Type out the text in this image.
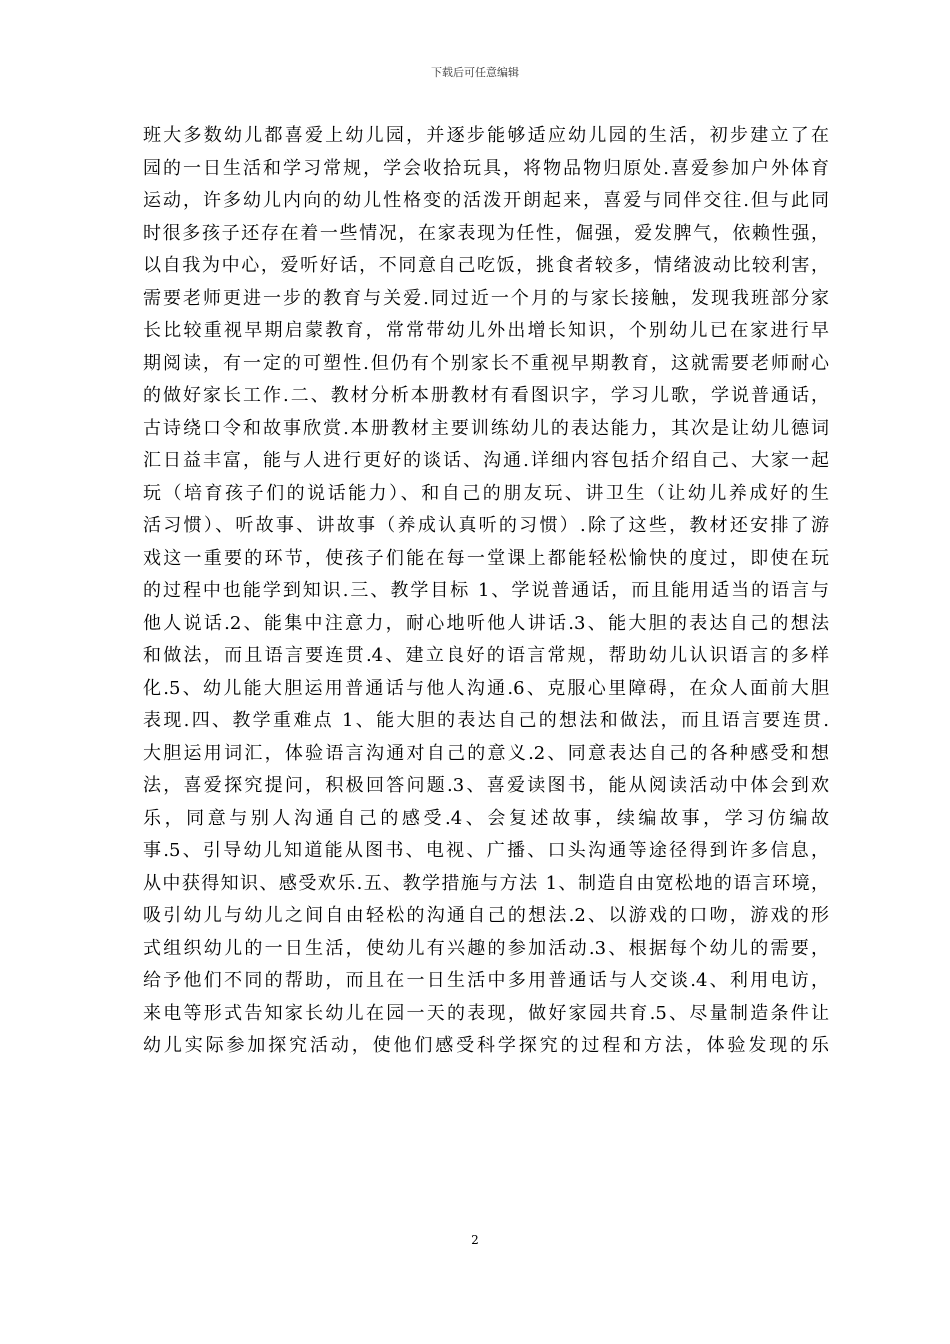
下载后可任意编辑
班大多数幼儿都喜爱上幼儿园，并逐步能够适应幼儿园的生活，初步建立了在
园的一日生活和学习常规，学会收拾玩具，将物品物归原处.喜爱参加户外体育
运动，许多幼儿内向的幼儿性格变的活泼开朗起来，喜爱与同伴交往.但与此同
时很多孩子还存在着一些情况，在家表现为任性，倔强，爱发脾气，依赖性强，
以自我为中心，爱听好话，不同意自己吃饭，挑食者较多，情绪波动比较利害，
需要老师更进一步的教育与关爱.同过近一个月的与家长接触，发现我班部分家
长比较重视早期启蒙教育，常常带幼儿外出增长知识，个别幼儿已在家进行早
期阅读，有一定的可塑性.但仍有个别家长不重视早期教育，这就需要老师耐心
的做好家长工作.二、教材分析本册教材有看图识字，学习儿歌，学说普通话，
古诗绕口令和故事欣赏.本册教材主要训练幼儿的表达能力，其次是让幼儿德词
汇日益丰富，能与人进行更好的谈话、沟通.详细内容包括介绍自己、大家一起
玩（培育孩子们的说话能力）、和自己的朋友玩、讲卫生（让幼儿养成好的生
活习惯）、听故事、讲故事（养成认真听的习惯）.除了这些，教材还安排了游
戏这一重要的环节，使孩子们能在每一堂课上都能轻松愉快的度过，即使在玩
的过程中也能学到知识.三、教学目标 1、学说普通话，而且能用适当的语言与
他人说话.2、能集中注意力，耐心地听他人讲话.3、能大胆的表达自己的想法
和做法，而且语言要连贯.4、建立良好的语言常规，帮助幼儿认识语言的多样
化.5、幼儿能大胆运用普通话与他人沟通.6、克服心里障碍，在众人面前大胆
表现.四、教学重难点 1、能大胆的表达自己的想法和做法，而且语言要连贯.
大胆运用词汇，体验语言沟通对自己的意义.2、同意表达自己的各种感受和想
法，喜爱探究提问，积极回答问题.3、喜爱读图书，能从阅读活动中体会到欢
乐，同意与别人沟通自己的感受.4、会复述故事，续编故事，学习仿编故
事.5、引导幼儿知道能从图书、电视、广播、口头沟通等途径得到许多信息，
从中获得知识、感受欢乐.五、教学措施与方法 1、制造自由宽松地的语言环境，
吸引幼儿与幼儿之间自由轻松的沟通自己的想法.2、以游戏的口吻，游戏的形
式组织幼儿的一日生活，使幼儿有兴趣的参加活动.3、根据每个幼儿的需要，
给予他们不同的帮助，而且在一日生活中多用普通话与人交谈.4、利用电访，
来电等形式告知家长幼儿在园一天的表现，做好家园共育.5、尽量制造条件让
幼儿实际参加探究活动，使他们感受科学探究的过程和方法，体验发现的乐
2
